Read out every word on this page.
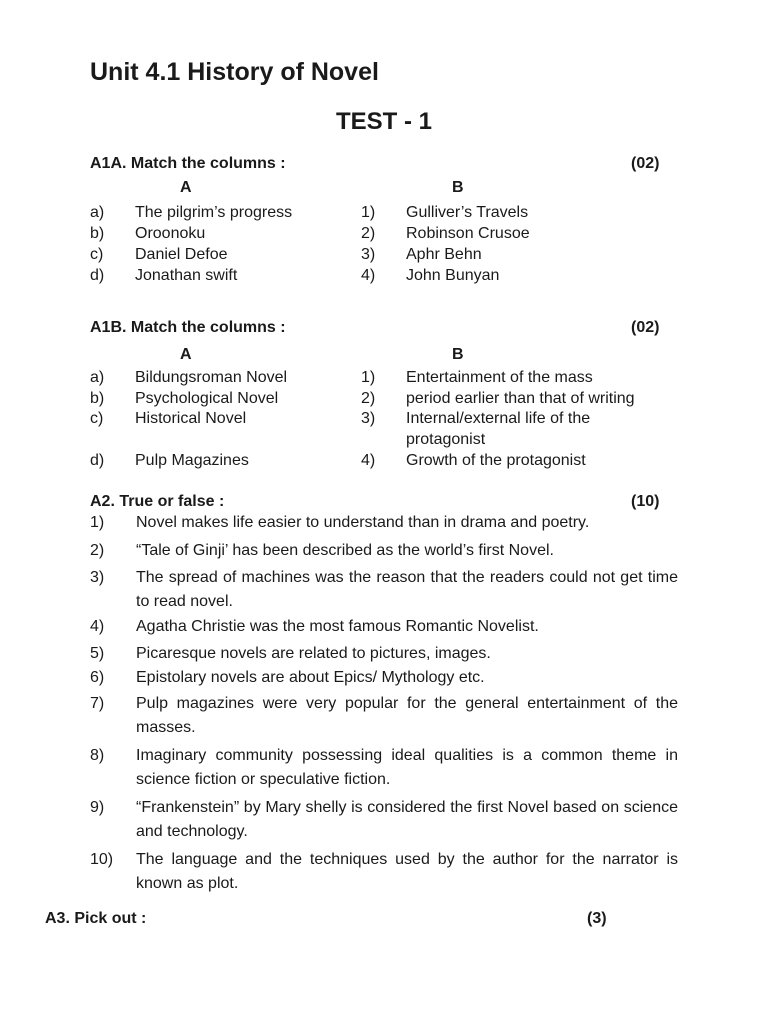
Unit 4.1 History of Novel
TEST - 1
A1A. Match the columns :	(02)
A	B
a) The pilgrim’s progress	1) Gulliver’s Travels
b) Oroonoku	2) Robinson Crusoe
c) Daniel Defoe	3) Aphr Behn
d) Jonathan swift	4) John Bunyan
A1B. Match the columns :	(02)
A	B
a) Bildungsroman Novel	1) Entertainment of the mass
b) Psychological Novel	2) period earlier than that of writing
c) Historical Novel	3) Internal/external life of the
protagonist
d) Pulp Magazines	4) Growth of the protagonist
A2. True or false :	(10)
1) Novel makes life easier to understand than in drama and poetry.
2) “Tale of Ginji’ has been described as the world’s first Novel.
3) The spread of machines was the reason that the readers could not get time to read novel.
4) Agatha Christie was the most famous Romantic Novelist.
5) Picaresque novels are related to pictures, images.
6) Epistolary novels are about Epics/ Mythology etc.
7) Pulp magazines were very popular for the general entertainment of the masses.
8) Imaginary community possessing ideal qualities is a common theme in science fiction or speculative fiction.
9) “Frankenstein” by Mary shelly is considered the first Novel based on science and technology.
10) The language and the techniques used by the author for the narrator is known as plot.
A3. Pick out :	(3)
